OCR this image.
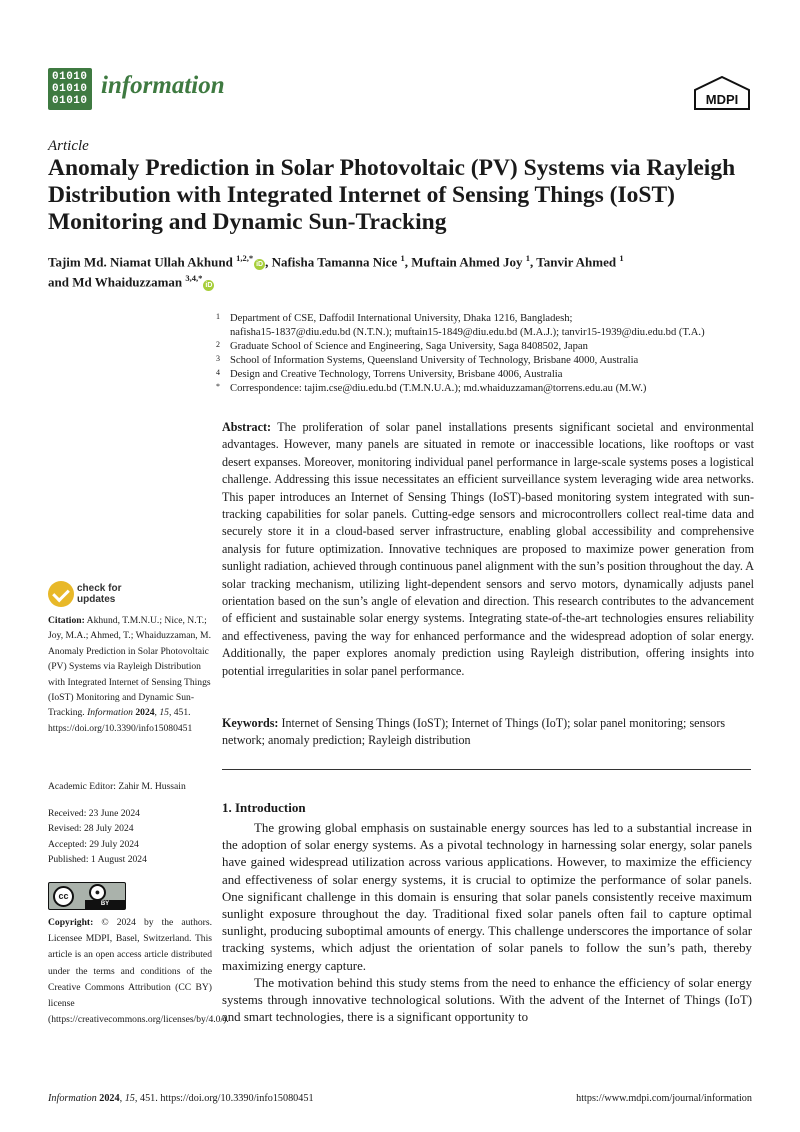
01010
01010
01010
information
MDPI
Article
Anomaly Prediction in Solar Photovoltaic (PV) Systems via Rayleigh Distribution with Integrated Internet of Sensing Things (IoST) Monitoring and Dynamic Sun-Tracking
Tajim Md. Niamat Ullah Akhund $^{1,2,*}$iD , Nafisha Tamanna Nice $^1$, Muftain Ahmed Joy $^1$, Tanvir Ahmed $^1$
and Md Whaiduzzaman $^{3,4,*}$iD
1 Department of CSE, Daffodil International University, Dhaka 1216, Bangladesh;
nafisha15-1837@diu.edu.bd (N.T.N.); muftain15-1849@diu.edu.bd (M.A.J.); tanvir15-1939@diu.edu.bd (T.A.)
2 Graduate School of Science and Engineering, Saga University, Saga 8408502, Japan
3 School of Information Systems, Queensland University of Technology, Brisbane 4000, Australia
4 Design and Creative Technology, Torrens University, Brisbane 4006, Australia
* Correspondence: tajim.cse@diu.edu.bd (T.M.N.U.A.); md.whaiduzzaman@torrens.edu.au (M.W.)
Abstract: The proliferation of solar panel installations presents significant societal and environmental advantages. However, many panels are situated in remote or inaccessible locations, like rooftops or vast desert expanses. Moreover, monitoring individual panel performance in large-scale systems poses a logistical challenge. Addressing this issue necessitates an efficient surveillance system leveraging wide area networks. This paper introduces an Internet of Sensing Things (IoST)-based monitoring system integrated with sun-tracking capabilities for solar panels. Cutting-edge sensors and microcontrollers collect real-time data and securely store it in a cloud-based server infrastructure, enabling global accessibility and comprehensive analysis for future optimization. Innovative techniques are proposed to maximize power generation from sunlight radiation, achieved through continuous panel alignment with the sun’s position throughout the day. A solar tracking mechanism, utilizing light-dependent sensors and servo motors, dynamically adjusts panel orientation based on the sun’s angle of elevation and direction. This research contributes to the advancement of efficient and sustainable solar energy systems. Integrating state-of-the-art technologies ensures reliability and effectiveness, paving the way for enhanced performance and the widespread adoption of solar energy. Additionally, the paper explores anomaly prediction using Rayleigh distribution, offering insights into potential irregularities in solar panel performance.
Keywords: Internet of Sensing Things (IoST); Internet of Things (IoT); solar panel monitoring; sensors network; anomaly prediction; Rayleigh distribution
1. Introduction

The growing global emphasis on sustainable energy sources has led to a substantial increase in the adoption of solar energy systems. As a pivotal technology in harnessing solar energy, solar panels have gained widespread utilization across various applications. However, to maximize the efficiency and effectiveness of solar energy systems, it is crucial to optimize the performance of solar panels. One significant challenge in this domain is ensuring that solar panels consistently receive maximum sunlight exposure throughout the day. Traditional fixed solar panels often fail to capture optimal sunlight, producing suboptimal amounts of energy. This challenge underscores the importance of solar tracking systems, which adjust the orientation of solar panels to follow the sun’s path, thereby maximizing energy capture.

The motivation behind this study stems from the need to enhance the efficiency of solar energy systems through innovative technological solutions. With the advent of the Internet of Things (IoT) and smart technologies, there is a significant opportunity to

check for
updates
Citation: Akhund, T.M.N.U.; Nice, N.T.; Joy, M.A.; Ahmed, T.; Whaiduzzaman, M. Anomaly Prediction in Solar Photovoltaic (PV) Systems via Rayleigh Distribution with Integrated Internet of Sensing Things (IoST) Monitoring and Dynamic Sun-Tracking. Information 2024, 15, 451. https://doi.org/10.3390/info15080451
Academic Editor: Zahir M. Hussain
Received: 23 June 2024
Revised: 28 July 2024
Accepted: 29 July 2024
Published: 1 August 2024
cc	●
BY
Copyright: © 2024 by the authors. Licensee MDPI, Basel, Switzerland. This article is an open access article distributed under the terms and conditions of the Creative Commons Attribution (CC BY) license (https://creativecommons.org/licenses/by/4.0/).
Information 2024, 15, 451. https://doi.org/10.3390/info15080451	https://www.mdpi.com/journal/information
